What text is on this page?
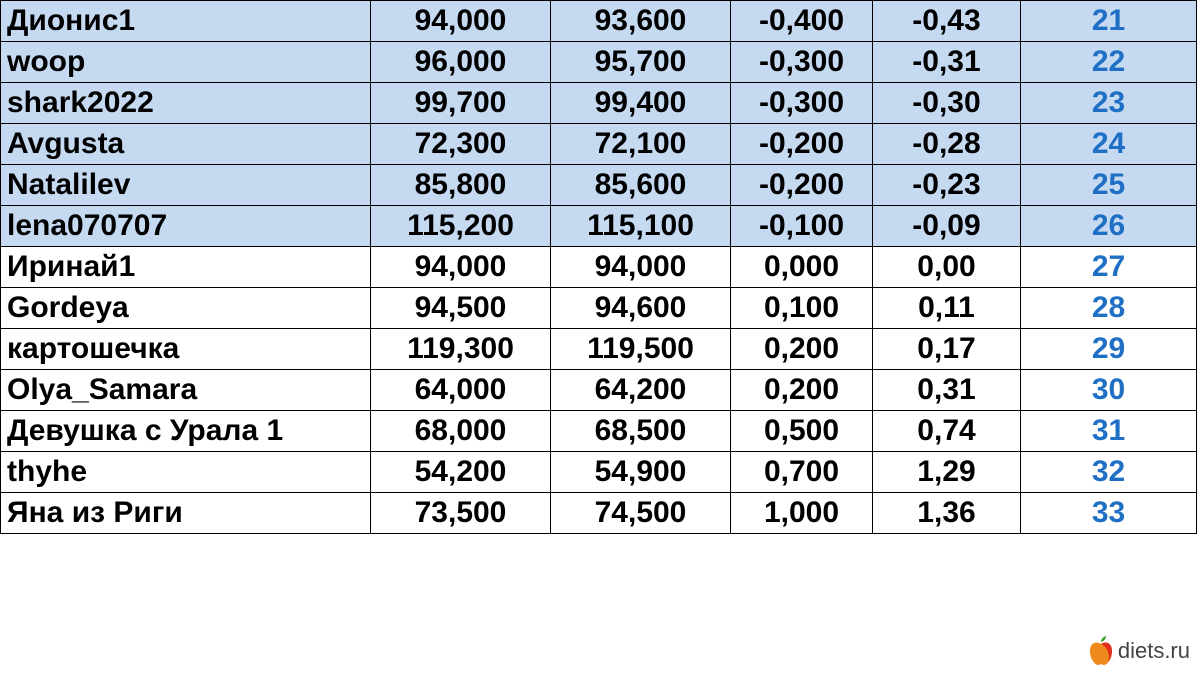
Дионис1	94,000	93,600	-0,400	-0,43	21
woop	96,000	95,700	-0,300	-0,31	22
shark2022	99,700	99,400	-0,300	-0,30	23
Avgusta	72,300	72,100	-0,200	-0,28	24
Natalilev	85,800	85,600	-0,200	-0,23	25
lena070707	115,200	115,100	-0,100	-0,09	26
Иринай1	94,000	94,000	0,000	0,00	27
Gordeya	94,500	94,600	0,100	0,11	28
картошечка	119,300	119,500	0,200	0,17	29
Olya_Samara	64,000	64,200	0,200	0,31	30
Девушка с Урала 1	68,000	68,500	0,500	0,74	31
thyhe	54,200	54,900	0,700	1,29	32
Яна из Риги	73,500	74,500	1,000	1,36	33
diets.ru
